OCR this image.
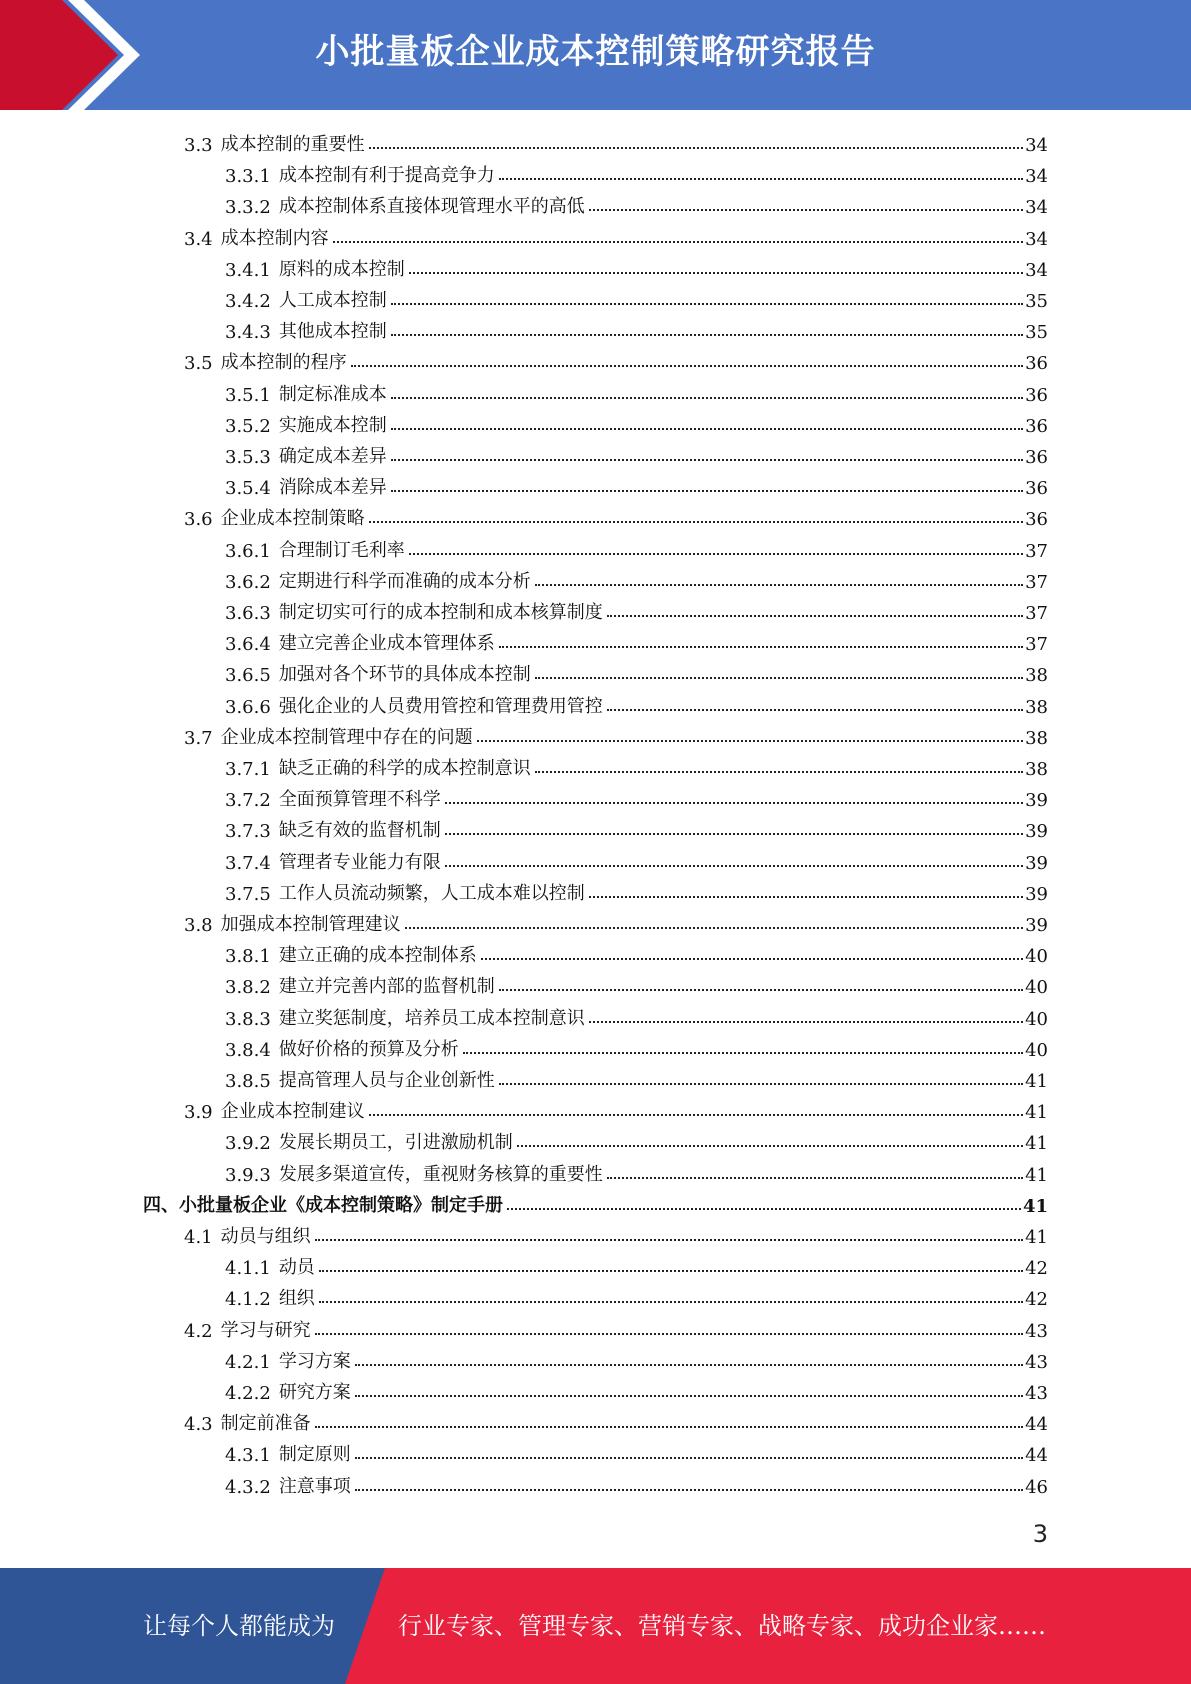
小批量板企业成本控制策略研究报告
3.3 成本控制的重要性	34
3.3.1 成本控制有利于提高竞争力	34
3.3.2 成本控制体系直接体现管理水平的高低	34
3.4 成本控制内容	34
3.4.1 原料的成本控制	34
3.4.2 人工成本控制	35
3.4.3 其他成本控制	35
3.5 成本控制的程序	36
3.5.1 制定标准成本	36
3.5.2 实施成本控制	36
3.5.3 确定成本差异	36
3.5.4 消除成本差异	36
3.6 企业成本控制策略	36
3.6.1 合理制订毛利率	37
3.6.2 定期进行科学而准确的成本分析	37
3.6.3 制定切实可行的成本控制和成本核算制度	37
3.6.4 建立完善企业成本管理体系	37
3.6.5 加强对各个环节的具体成本控制	38
3.6.6 强化企业的人员费用管控和管理费用管控	38
3.7 企业成本控制管理中存在的问题	38
3.7.1 缺乏正确的科学的成本控制意识	38
3.7.2 全面预算管理不科学	39
3.7.3 缺乏有效的监督机制	39
3.7.4 管理者专业能力有限	39
3.7.5 工作人员流动频繁，人工成本难以控制	39
3.8 加强成本控制管理建议	39
3.8.1 建立正确的成本控制体系	40
3.8.2 建立并完善内部的监督机制	40
3.8.3 建立奖惩制度，培养员工成本控制意识	40
3.8.4 做好价格的预算及分析	40
3.8.5 提高管理人员与企业创新性	41
3.9 企业成本控制建议	41
3.9.2 发展长期员工，引进激励机制	41
3.9.3 发展多渠道宣传，重视财务核算的重要性	41
四、 小批量板企业《成本控制策略》制定手册	41
4.1 动员与组织	41
4.1.1 动员	42
4.1.2 组织	42
4.2 学习与研究	43
4.2.1 学习方案	43
4.2.2 研究方案	43
4.3 制定前准备	44
4.3.1 制定原则	44
4.3.2 注意事项	46
3
让每个人都能成为	行业专家、管理专家、营销专家、战略专家、成功企业家……
